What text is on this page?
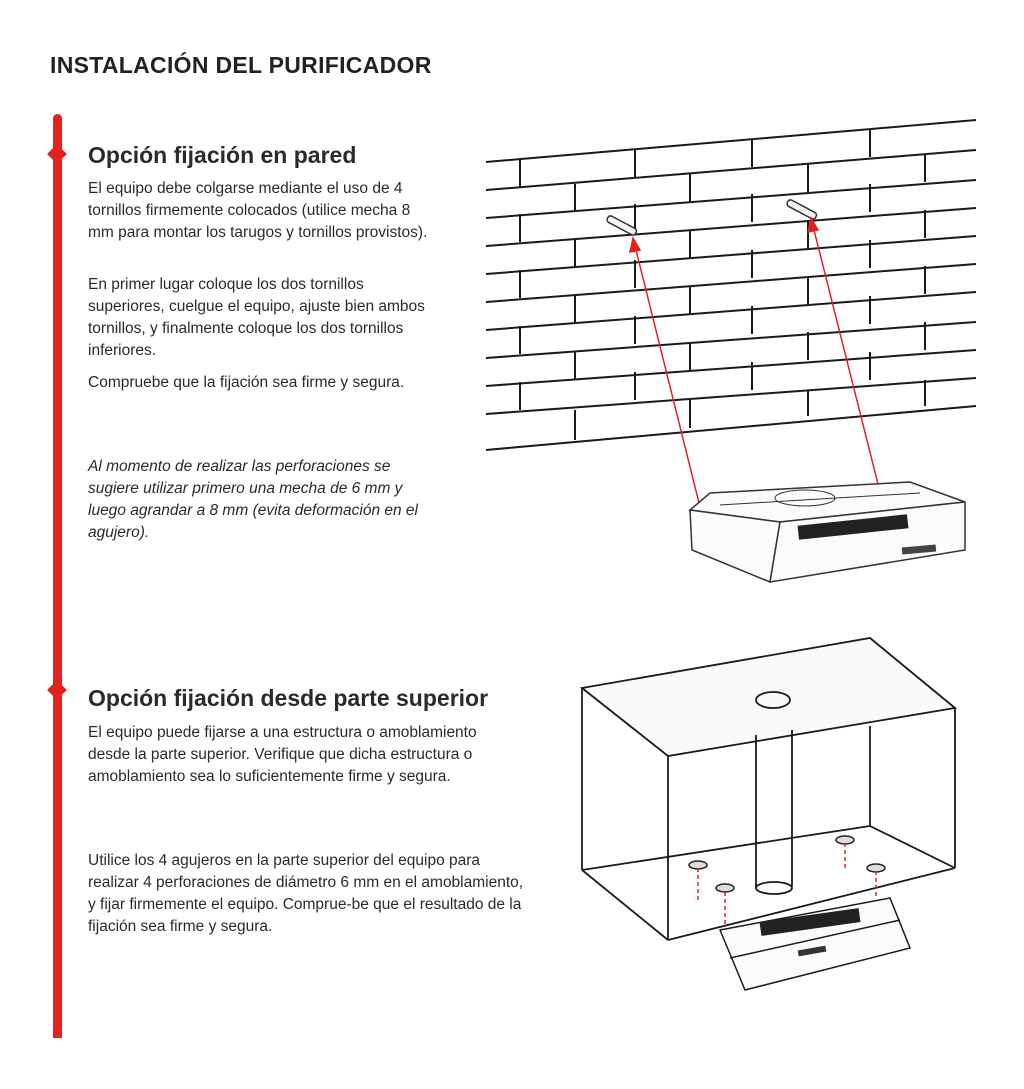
INSTALACIÓN DEL PURIFICADOR
Opción fijación en pared

El equipo debe colgarse mediante el uso de 4 tornillos firmemente colocados (utilice mecha 8 mm para montar los tarugos y tornillos provistos).

En primer lugar coloque los dos tornillos superiores, cuelgue el equipo, ajuste bien ambos tornillos, y finalmente coloque los dos tornillos inferiores.

Compruebe que la fijación sea firme y segura.

Al momento de realizar las perforaciones se sugiere utilizar primero una mecha de 6 mm y luego agrandar a 8 mm (evita deformación en el agujero).

Opción fijación desde parte superior

El equipo puede fijarse a una estructura o amoblamiento desde la parte superior. Verifique que dicha estructura o amoblamiento sea lo suficientemente firme y segura.

Utilice los 4 agujeros en la parte superior del equipo para realizar 4 perforaciones de diámetro 6 mm en el amoblamiento, y fijar firmemente el equipo. Comprue-be que el resultado de la fijación sea firme y segura.
